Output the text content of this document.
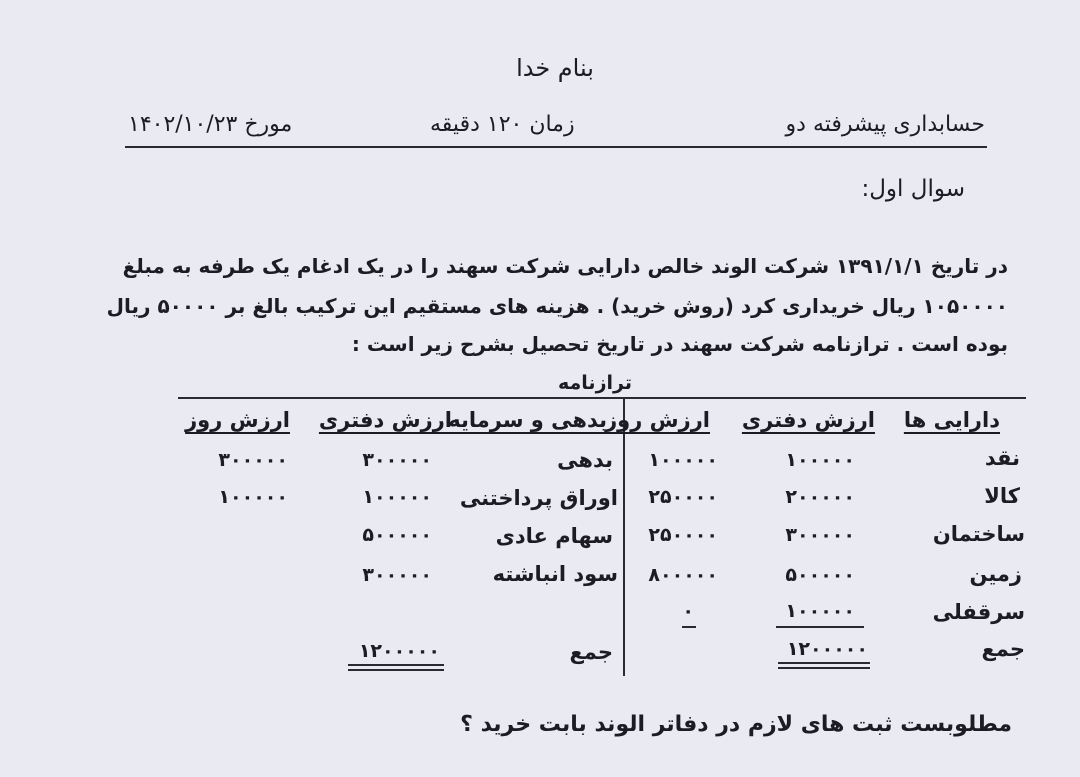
بنام خدا
حسابداری پیشرفته دو
زمان ۱۲۰ دقیقه
مورخ ۱۴۰۲/۱۰/۲۳
سوال اول:
در تاریخ ۱۳۹۱/۱/۱ شرکت الوند خالص دارایی شرکت سهند را در یک ادغام یک طرفه به مبلغ
۱۰۵۰۰۰۰ ریال خریداری کرد (روش خرید) . هزینه های مستقیم این ترکیب بالغ بر ۵۰۰۰۰ ریال
بوده است . ترازنامه شرکت سهند در تاریخ تحصیل بشرح زیر است :
ترازنامه
دارایی ها
ارزش دفتری
ارزش روز
بدهی و سرمایه
ارزش دفتری
ارزش روز
نقد
۱۰۰۰۰۰
۱۰۰۰۰۰
کالا
۲۰۰۰۰۰
۲۵۰۰۰۰
ساختمان
۳۰۰۰۰۰
۲۵۰۰۰۰
زمین
۵۰۰۰۰۰
۸۰۰۰۰۰
سرقفلی
۱۰۰۰۰۰
۰
جمع
۱۲۰۰۰۰۰
بدهی
۳۰۰۰۰۰
۳۰۰۰۰۰
اوراق پرداختنی
۱۰۰۰۰۰
۱۰۰۰۰۰
سهام عادی
۵۰۰۰۰۰
سود انباشته
۳۰۰۰۰۰
جمع
۱۲۰۰۰۰۰
مطلوبست ثبت های لازم در دفاتر الوند بابت خرید ؟
